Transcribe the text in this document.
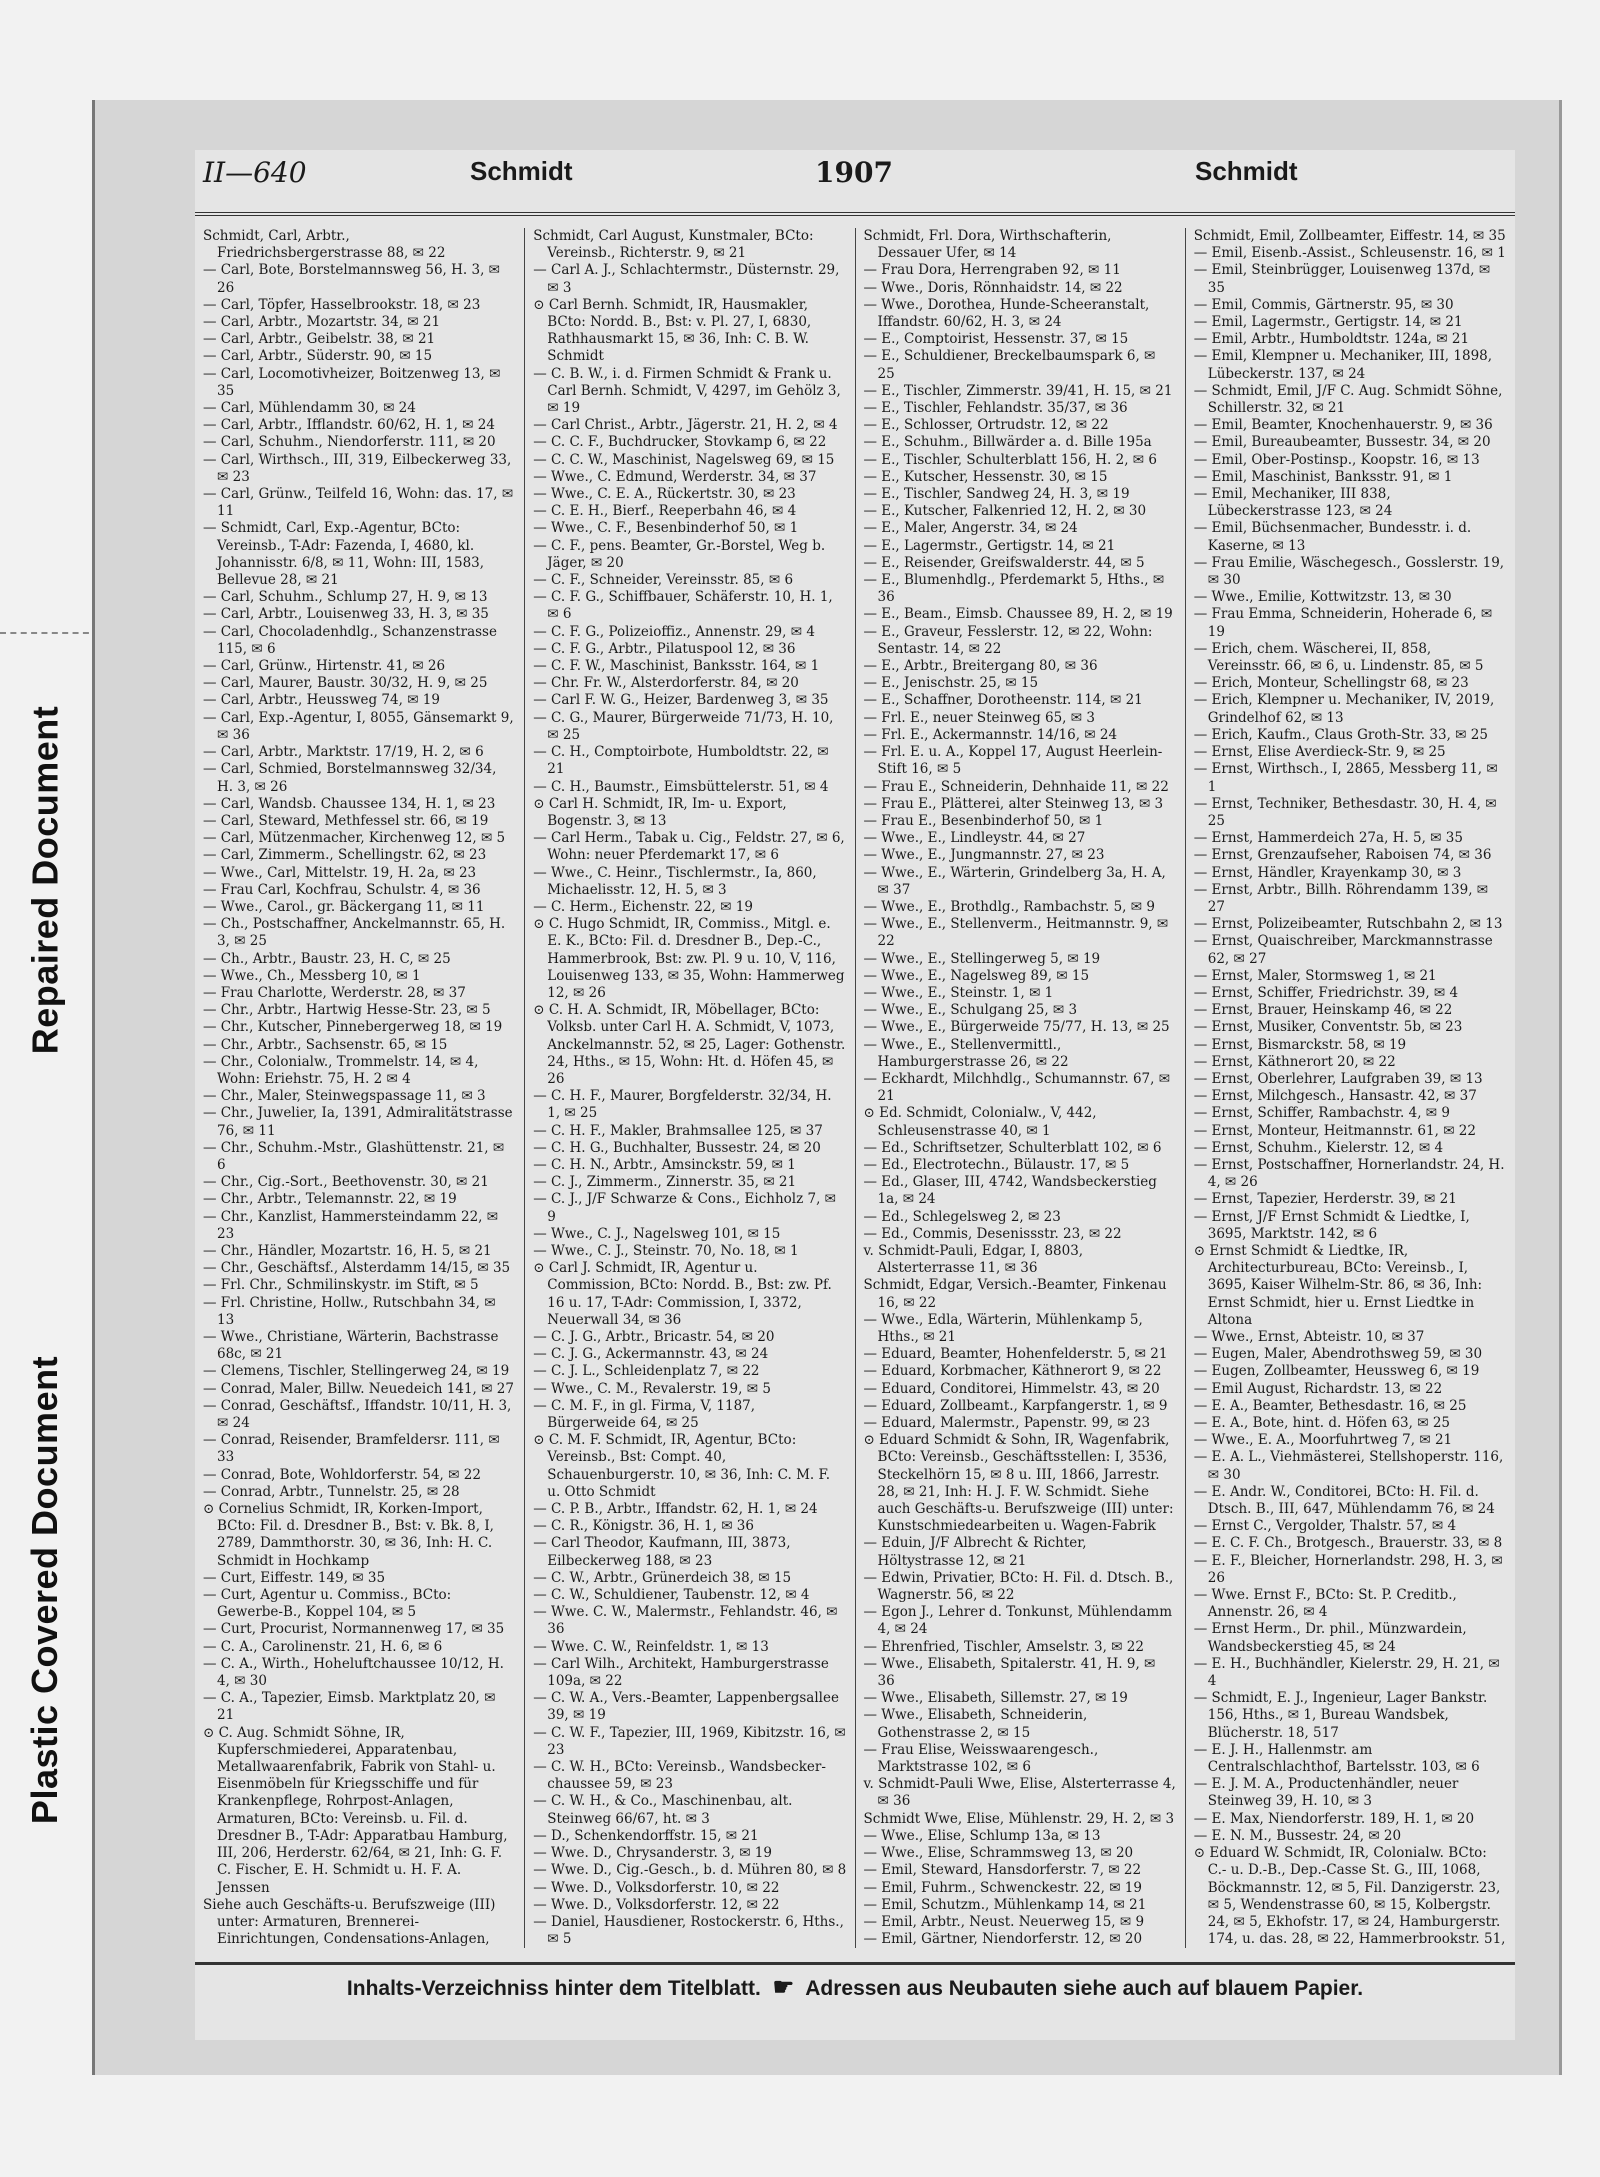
Repaired Document
Plastic Covered Document
II—640	Schmidt	1907	Schmidt

Schmidt, Carl, Arbtr., Friedrichsbergerstrasse 88, ✉ 22

— Carl, Bote, Borstelmannsweg 56, H. 3, ✉ 26

— Carl, Töpfer, Hasselbrookstr. 18, ✉ 23

— Carl, Arbtr., Mozartstr. 34, ✉ 21

— Carl, Arbtr., Geibelstr. 38, ✉ 21

— Carl, Arbtr., Süderstr. 90, ✉ 15

— Carl, Locomotivheizer, Boitzenweg 13, ✉ 35

— Carl, Mühlendamm 30, ✉ 24

— Carl, Arbtr., Ifflandstr. 60/62, H. 1, ✉ 24

— Carl, Schuhm., Niendorferstr. 111, ✉ 20

— Carl, Wirthsch., III, 319, Eilbeckerweg 33, ✉ 23

— Carl, Grünw., Teilfeld 16, Wohn: das. 17, ✉ 11

— Schmidt, Carl, Exp.-Agentur, BCto: Vereinsb., T-Adr: Fazenda, I, 4680, kl. Johannisstr. 6/8, ✉ 11, Wohn: III, 1583, Bellevue 28, ✉ 21

— Carl, Schuhm., Schlump 27, H. 9, ✉ 13

— Carl, Arbtr., Louisenweg 33, H. 3, ✉ 35

— Carl, Chocoladenhdlg., Schanzenstrasse 115, ✉ 6

— Carl, Grünw., Hirtenstr. 41, ✉ 26

— Carl, Maurer, Baustr. 30/32, H. 9, ✉ 25

— Carl, Arbtr., Heussweg 74, ✉ 19

— Carl, Exp.-Agentur, I, 8055, Gänsemarkt 9, ✉ 36

— Carl, Arbtr., Marktstr. 17/19, H. 2, ✉ 6

— Carl, Schmied, Borstelmannsweg 32/34, H. 3, ✉ 26

— Carl, Wandsb. Chaussee 134, H. 1, ✉ 23

— Carl, Steward, Methfessel str. 66, ✉ 19

— Carl, Mützenmacher, Kirchenweg 12, ✉ 5

— Carl, Zimmerm., Schellingstr. 62, ✉ 23

— Wwe., Carl, Mittelstr. 19, H. 2a, ✉ 23

— Frau Carl, Kochfrau, Schulstr. 4, ✉ 36

— Wwe., Carol., gr. Bäckergang 11, ✉ 11

— Ch., Postschaffner, Anckelmannstr. 65, H. 3, ✉ 25

— Ch., Arbtr., Baustr. 23, H. C, ✉ 25

— Wwe., Ch., Messberg 10, ✉ 1

— Frau Charlotte, Werderstr. 28, ✉ 37

— Chr., Arbtr., Hartwig Hesse-Str. 23, ✉ 5

— Chr., Kutscher, Pinnebergerweg 18, ✉ 19

— Chr., Arbtr., Sachsenstr. 65, ✉ 15

— Chr., Colonialw., Trommelstr. 14, ✉ 4, Wohn: Eriehstr. 75, H. 2 ✉ 4

— Chr., Maler, Steinwegspassage 11, ✉ 3

— Chr., Juwelier, Ia, 1391, Admiralitätstrasse 76, ✉ 11

— Chr., Schuhm.-Mstr., Glashüttenstr. 21, ✉ 6

— Chr., Cig.-Sort., Beethovenstr. 30, ✉ 21

— Chr., Arbtr., Telemannstr. 22, ✉ 19

— Chr., Kanzlist, Hammersteindamm 22, ✉ 23

— Chr., Händler, Mozartstr. 16, H. 5, ✉ 21

— Chr., Geschäftsf., Alsterdamm 14/15, ✉ 35

— Frl. Chr., Schmilinskystr. im Stift, ✉ 5

— Frl. Christine, Hollw., Rutschbahn 34, ✉ 13

— Wwe., Christiane, Wärterin, Bachstrasse 68c, ✉ 21

— Clemens, Tischler, Stellingerweg 24, ✉ 19

— Conrad, Maler, Billw. Neuedeich 141, ✉ 27

— Conrad, Geschäftsf., Iffandstr. 10/11, H. 3, ✉ 24

— Conrad, Reisender, Bramfeldersr. 111, ✉ 33

— Conrad, Bote, Wohldorferstr. 54, ✉ 22

— Conrad, Arbtr., Tunnelstr. 25, ✉ 28

⊙ Cornelius Schmidt, IR, Korken-Import, BCto: Fil. d. Dresdner B., Bst: v. Bk. 8, I, 2789, Dammthorstr. 30, ✉ 36, Inh: H. C. Schmidt in Hochkamp

— Curt, Eiffestr. 149, ✉ 35

— Curt, Agentur u. Commiss., BCto: Gewerbe-B., Koppel 104, ✉ 5

— Curt, Procurist, Normannenweg 17, ✉ 35

— C. A., Carolinenstr. 21, H. 6, ✉ 6

— C. A., Wirth., Hoheluftchaussee 10/12, H. 4, ✉ 30

— C. A., Tapezier, Eimsb. Marktplatz 20, ✉ 21

⊙ C. Aug. Schmidt Söhne, IR, Kupferschmiederei, Apparatenbau, Metallwaarenfabrik, Fabrik von Stahl- u. Eisenmöbeln für Kriegsschiffe und für Krankenpflege, Rohrpost-Anlagen, Armaturen, BCto: Vereinsb. u. Fil. d. Dresdner B., T-Adr: Apparatbau Hamburg, III, 206, Herderstr. 62/64, ✉ 21, Inh: G. F. C. Fischer, E. H. Schmidt u. H. F. A. Jenssen

Siehe auch Geschäfts-u. Berufszweige (III) unter: Armaturen, Brennerei-Einrichtungen, Condensations-Anlagen,

Schmidt, Carl August, Kunstmaler, BCto: Vereinsb., Richterstr. 9, ✉ 21

— Carl A. J., Schlachtermstr., Düsternstr. 29, ✉ 3

⊙ Carl Bernh. Schmidt, IR, Hausmakler, BCto: Nordd. B., Bst: v. Pl. 27, I, 6830, Rathhausmarkt 15, ✉ 36, Inh: C. B. W. Schmidt

— C. B. W., i. d. Firmen Schmidt & Frank u. Carl Bernh. Schmidt, V, 4297, im Gehölz 3, ✉ 19

— Carl Christ., Arbtr., Jägerstr. 21, H. 2, ✉ 4

— C. C. F., Buchdrucker, Stovkamp 6, ✉ 22

— C. C. W., Maschinist, Nagelsweg 69, ✉ 15

— Wwe., C. Edmund, Werderstr. 34, ✉ 37

— Wwe., C. E. A., Rückertstr. 30, ✉ 23

— C. E. H., Bierf., Reeperbahn 46, ✉ 4

— Wwe., C. F., Besenbinderhof 50, ✉ 1

— C. F., pens. Beamter, Gr.-Borstel, Weg b. Jäger, ✉ 20

— C. F., Schneider, Vereinsstr. 85, ✉ 6

— C. F. G., Schiffbauer, Schäferstr. 10, H. 1, ✉ 6

— C. F. G., Polizeioffiz., Annenstr. 29, ✉ 4

— C. F. G., Arbtr., Pilatuspool 12, ✉ 36

— C. F. W., Maschinist, Banksstr. 164, ✉ 1

— Chr. Fr. W., Alsterdorferstr. 84, ✉ 20

— Carl F. W. G., Heizer, Bardenweg 3, ✉ 35

— C. G., Maurer, Bürgerweide 71/73, H. 10, ✉ 25

— C. H., Comptoirbote, Humboldtstr. 22, ✉ 21

— C. H., Baumstr., Eimsbüttelerstr. 51, ✉ 4

⊙ Carl H. Schmidt, IR, Im- u. Export, Bogenstr. 3, ✉ 13

— Carl Herm., Tabak u. Cig., Feldstr. 27, ✉ 6, Wohn: neuer Pferdemarkt 17, ✉ 6

— Wwe., C. Heinr., Tischlermstr., Ia, 860, Michaelisstr. 12, H. 5, ✉ 3

— C. Herm., Eichenstr. 22, ✉ 19

⊙ C. Hugo Schmidt, IR, Commiss., Mitgl. e. E. K., BCto: Fil. d. Dresdner B., Dep.-C., Hammerbrook, Bst: zw. Pl. 9 u. 10, V, 116, Louisenweg 133, ✉ 35, Wohn: Hammerweg 12, ✉ 26

⊙ C. H. A. Schmidt, IR, Möbellager, BCto: Volksb. unter Carl H. A. Schmidt, V, 1073, Anckelmannstr. 52, ✉ 25, Lager: Gothenstr. 24, Hths., ✉ 15, Wohn: Ht. d. Höfen 45, ✉ 26

— C. H. F., Maurer, Borgfelderstr. 32/34, H. 1, ✉ 25

— C. H. F., Makler, Brahmsallee 125, ✉ 37

— C. H. G., Buchhalter, Bussestr. 24, ✉ 20

— C. H. N., Arbtr., Amsinckstr. 59, ✉ 1

— C. J., Zimmerm., Zinnerstr. 35, ✉ 21

— C. J., J/F Schwarze & Cons., Eichholz 7, ✉ 9

— Wwe., C. J., Nagelsweg 101, ✉ 15

— Wwe., C. J., Steinstr. 70, No. 18, ✉ 1

⊙ Carl J. Schmidt, IR, Agentur u. Commission, BCto: Nordd. B., Bst: zw. Pf. 16 u. 17, T-Adr: Commission, I, 3372, Neuerwall 34, ✉ 36

— C. J. G., Arbtr., Bricastr. 54, ✉ 20

— C. J. G., Ackermannstr. 43, ✉ 24

— C. J. L., Schleidenplatz 7, ✉ 22

— Wwe., C. M., Revalerstr. 19, ✉ 5

— C. M. F., in gl. Firma, V, 1187, Bürgerweide 64, ✉ 25

⊙ C. M. F. Schmidt, IR, Agentur, BCto: Vereinsb., Bst: Compt. 40, Schauenburgerstr. 10, ✉ 36, Inh: C. M. F. u. Otto Schmidt

— C. P. B., Arbtr., Iffandstr. 62, H. 1, ✉ 24

— C. R., Königstr. 36, H. 1, ✉ 36

— Carl Theodor, Kaufmann, III, 3873, Eilbeckerweg 188, ✉ 23

— C. W., Arbtr., Grünerdeich 38, ✉ 15

— C. W., Schuldiener, Taubenstr. 12, ✉ 4

— Wwe. C. W., Malermstr., Fehlandstr. 46, ✉ 36

— Wwe. C. W., Reinfeldstr. 1, ✉ 13

— Carl Wilh., Architekt, Hamburgerstrasse 109a, ✉ 22

— C. W. A., Vers.-Beamter, Lappenbergsallee 39, ✉ 19

— C. W. F., Tapezier, III, 1969, Kibitzstr. 16, ✉ 23

— C. W. H., BCto: Vereinsb., Wandsbecker-chaussee 59, ✉ 23

— C. W. H., & Co., Maschinenbau, alt. Steinweg 66/67, ht. ✉ 3

— D., Schenkendorffstr. 15, ✉ 21

— Wwe. D., Chrysanderstr. 3, ✉ 19

— Wwe. D., Cig.-Gesch., b. d. Mühren 80, ✉ 8

— Wwe. D., Volksdorferstr. 10, ✉ 22

— Wwe. D., Volksdorferstr. 12, ✉ 22

— Daniel, Hausdiener, Rostockerstr. 6, Hths., ✉ 5

Schmidt, Frl. Dora, Wirthschafterin, Dessauer Ufer, ✉ 14

— Frau Dora, Herrengraben 92, ✉ 11

— Wwe., Doris, Rönnhaidstr. 14, ✉ 22

— Wwe., Dorothea, Hunde-Scheeranstalt, Iffandstr. 60/62, H. 3, ✉ 24

— E., Comptoirist, Hessenstr. 37, ✉ 15

— E., Schuldiener, Breckelbaumspark 6, ✉ 25

— E., Tischler, Zimmerstr. 39/41, H. 15, ✉ 21

— E., Tischler, Fehlandstr. 35/37, ✉ 36

— E., Schlosser, Ortrudstr. 12, ✉ 22

— E., Schuhm., Billwärder a. d. Bille 195a

— E., Tischler, Schulterblatt 156, H. 2, ✉ 6

— E., Kutscher, Hessenstr. 30, ✉ 15

— E., Tischler, Sandweg 24, H. 3, ✉ 19

— E., Kutscher, Falkenried 12, H. 2, ✉ 30

— E., Maler, Angerstr. 34, ✉ 24

— E., Lagermstr., Gertigstr. 14, ✉ 21

— E., Reisender, Greifswalderstr. 44, ✉ 5

— E., Blumenhdlg., Pferdemarkt 5, Hths., ✉ 36

— E., Beam., Eimsb. Chaussee 89, H. 2, ✉ 19

— E., Graveur, Fesslerstr. 12, ✉ 22, Wohn: Sentastr. 14, ✉ 22

— E., Arbtr., Breitergang 80, ✉ 36

— E., Jenischstr. 25, ✉ 15

— E., Schaffner, Dorotheenstr. 114, ✉ 21

— Frl. E., neuer Steinweg 65, ✉ 3

— Frl. E., Ackermannstr. 14/16, ✉ 24

— Frl. E. u. A., Koppel 17, August Heerlein-Stift 16, ✉ 5

— Frau E., Schneiderin, Dehnhaide 11, ✉ 22

— Frau E., Plätterei, alter Steinweg 13, ✉ 3

— Frau E., Besenbinderhof 50, ✉ 1

— Wwe., E., Lindleystr. 44, ✉ 27

— Wwe., E., Jungmannstr. 27, ✉ 23

— Wwe., E., Wärterin, Grindelberg 3a, H. A, ✉ 37

— Wwe., E., Brothdlg., Rambachstr. 5, ✉ 9

— Wwe., E., Stellenverm., Heitmannstr. 9, ✉ 22

— Wwe., E., Stellingerweg 5, ✉ 19

— Wwe., E., Nagelsweg 89, ✉ 15

— Wwe., E., Steinstr. 1, ✉ 1

— Wwe., E., Schulgang 25, ✉ 3

— Wwe., E., Bürgerweide 75/77, H. 13, ✉ 25

— Wwe., E., Stellenvermittl., Hamburgerstrasse 26, ✉ 22

— Eckhardt, Milchhdlg., Schumannstr. 67, ✉ 21

⊙ Ed. Schmidt, Colonialw., V, 442, Schleusenstrasse 40, ✉ 1

— Ed., Schriftsetzer, Schulterblatt 102, ✉ 6

— Ed., Electrotechn., Bülaustr. 17, ✉ 5

— Ed., Glaser, III, 4742, Wandsbeckerstieg 1a, ✉ 24

— Ed., Schlegelsweg 2, ✉ 23

— Ed., Commis, Desenissstr. 23, ✉ 22

v. Schmidt-Pauli, Edgar, I, 8803, Alsterterrasse 11, ✉ 36

Schmidt, Edgar, Versich.-Beamter, Finkenau 16, ✉ 22

— Wwe., Edla, Wärterin, Mühlenkamp 5, Hths., ✉ 21

— Eduard, Beamter, Hohenfelderstr. 5, ✉ 21

— Eduard, Korbmacher, Käthnerort 9, ✉ 22

— Eduard, Conditorei, Himmelstr. 43, ✉ 20

— Eduard, Zollbeamt., Karpfangerstr. 1, ✉ 9

— Eduard, Malermstr., Papenstr. 99, ✉ 23

⊙ Eduard Schmidt & Sohn, IR, Wagenfabrik, BCto: Vereinsb., Geschäftsstellen: I, 3536, Steckelhörn 15, ✉ 8 u. III, 1866, Jarrestr. 28, ✉ 21, Inh: H. J. F. W. Schmidt. Siehe auch Geschäfts-u. Berufszweige (III) unter: Kunstschmiedearbeiten u. Wagen-Fabrik

— Eduin, J/F Albrecht & Richter, Höltystrasse 12, ✉ 21

— Edwin, Privatier, BCto: H. Fil. d. Dtsch. B., Wagnerstr. 56, ✉ 22

— Egon J., Lehrer d. Tonkunst, Mühlendamm 4, ✉ 24

— Ehrenfried, Tischler, Amselstr. 3, ✉ 22

— Wwe., Elisabeth, Spitalerstr. 41, H. 9, ✉ 36

— Wwe., Elisabeth, Sillemstr. 27, ✉ 19

— Wwe., Elisabeth, Schneiderin, Gothenstrasse 2, ✉ 15

— Frau Elise, Weisswaarengesch., Marktstrasse 102, ✉ 6

v. Schmidt-Pauli Wwe, Elise, Alsterterrasse 4, ✉ 36

Schmidt Wwe, Elise, Mühlenstr. 29, H. 2, ✉ 3

— Wwe., Elise, Schlump 13a, ✉ 13

— Wwe., Elise, Schrammsweg 13, ✉ 20

— Emil, Steward, Hansdorferstr. 7, ✉ 22

— Emil, Fuhrm., Schwenckestr. 22, ✉ 19

— Emil, Schutzm., Mühlenkamp 14, ✉ 21

— Emil, Arbtr., Neust. Neuerweg 15, ✉ 9

— Emil, Gärtner, Niendorferstr. 12, ✉ 20

Schmidt, Emil, Zollbeamter, Eiffestr. 14, ✉ 35

— Emil, Eisenb.-Assist., Schleusenstr. 16, ✉ 1

— Emil, Steinbrügger, Louisenweg 137d, ✉ 35

— Emil, Commis, Gärtnerstr. 95, ✉ 30

— Emil, Lagermstr., Gertigstr. 14, ✉ 21

— Emil, Arbtr., Humboldtstr. 124a, ✉ 21

— Emil, Klempner u. Mechaniker, III, 1898, Lübeckerstr. 137, ✉ 24

— Schmidt, Emil, J/F C. Aug. Schmidt Söhne, Schillerstr. 32, ✉ 21

— Emil, Beamter, Knochenhauerstr. 9, ✉ 36

— Emil, Bureaubeamter, Bussestr. 34, ✉ 20

— Emil, Ober-Postinsp., Koopstr. 16, ✉ 13

— Emil, Maschinist, Banksstr. 91, ✉ 1

— Emil, Mechaniker, III 838, Lübeckerstrasse 123, ✉ 24

— Emil, Büchsenmacher, Bundesstr. i. d. Kaserne, ✉ 13

— Frau Emilie, Wäschegesch., Gosslerstr. 19, ✉ 30

— Wwe., Emilie, Kottwitzstr. 13, ✉ 30

— Frau Emma, Schneiderin, Hoherade 6, ✉ 19

— Erich, chem. Wäscherei, II, 858, Vereinsstr. 66, ✉ 6, u. Lindenstr. 85, ✉ 5

— Erich, Monteur, Schellingstr 68, ✉ 23

— Erich, Klempner u. Mechaniker, IV, 2019, Grindelhof 62, ✉ 13

— Erich, Kaufm., Claus Groth-Str. 33, ✉ 25

— Ernst, Elise Averdieck-Str. 9, ✉ 25

— Ernst, Wirthsch., I, 2865, Messberg 11, ✉ 1

— Ernst, Techniker, Bethesdastr. 30, H. 4, ✉ 25

— Ernst, Hammerdeich 27a, H. 5, ✉ 35

— Ernst, Grenzaufseher, Raboisen 74, ✉ 36

— Ernst, Händler, Krayenkamp 30, ✉ 3

— Ernst, Arbtr., Billh. Röhrendamm 139, ✉ 27

— Ernst, Polizeibeamter, Rutschbahn 2, ✉ 13

— Ernst, Quaischreiber, Marckmannstrasse 62, ✉ 27

— Ernst, Maler, Stormsweg 1, ✉ 21

— Ernst, Schiffer, Friedrichstr. 39, ✉ 4

— Ernst, Brauer, Heinskamp 46, ✉ 22

— Ernst, Musiker, Conventstr. 5b, ✉ 23

— Ernst, Bismarckstr. 58, ✉ 19

— Ernst, Käthnerort 20, ✉ 22

— Ernst, Oberlehrer, Laufgraben 39, ✉ 13

— Ernst, Milchgesch., Hansastr. 42, ✉ 37

— Ernst, Schiffer, Rambachstr. 4, ✉ 9

— Ernst, Monteur, Heitmannstr. 61, ✉ 22

— Ernst, Schuhm., Kielerstr. 12, ✉ 4

— Ernst, Postschaffner, Hornerlandstr. 24, H. 4, ✉ 26

— Ernst, Tapezier, Herderstr. 39, ✉ 21

— Ernst, J/F Ernst Schmidt & Liedtke, I, 3695, Marktstr. 142, ✉ 6

⊙ Ernst Schmidt & Liedtke, IR, Architecturbureau, BCto: Vereinsb., I, 3695, Kaiser Wilhelm-Str. 86, ✉ 36, Inh: Ernst Schmidt, hier u. Ernst Liedtke in Altona

— Wwe., Ernst, Abteistr. 10, ✉ 37

— Eugen, Maler, Abendrothsweg 59, ✉ 30

— Eugen, Zollbeamter, Heussweg 6, ✉ 19

— Emil August, Richardstr. 13, ✉ 22

— E. A., Beamter, Bethesdastr. 16, ✉ 25

— E. A., Bote, hint. d. Höfen 63, ✉ 25

— Wwe., E. A., Moorfuhrtweg 7, ✉ 21

— E. A. L., Viehmästerei, Stellshoperstr. 116, ✉ 30

— E. Andr. W., Conditorei, BCto: H. Fil. d. Dtsch. B., III, 647, Mühlendamm 76, ✉ 24

— Ernst C., Vergolder, Thalstr. 57, ✉ 4

— E. C. F. Ch., Brotgesch., Brauerstr. 33, ✉ 8

— E. F., Bleicher, Hornerlandstr. 298, H. 3, ✉ 26

— Wwe. Ernst F., BCto: St. P. Creditb., Annenstr. 26, ✉ 4

— Ernst Herm., Dr. phil., Münzwardein, Wandsbeckerstieg 45, ✉ 24

— E. H., Buchhändler, Kielerstr. 29, H. 21, ✉ 4

— Schmidt, E. J., Ingenieur, Lager Bankstr. 156, Hths., ✉ 1, Bureau Wandsbek, Blücherstr. 18, 517

— E. J. H., Hallenmstr. am Centralschlachthof, Bartelsstr. 103, ✉ 6

— E. J. M. A., Productenhändler, neuer Steinweg 39, H. 10, ✉ 3

— E. Max, Niendorferstr. 189, H. 1, ✉ 20

— E. N. M., Bussestr. 24, ✉ 20

⊙ Eduard W. Schmidt, IR, Colonialw. BCto: C.- u. D.-B., Dep.-Casse St. G., III, 1068, Böckmannstr. 12, ✉ 5, Fil. Danzigerstr. 23, ✉ 5, Wendenstrasse 60, ✉ 15, Kolbergstr. 24, ✉ 5, Ekhofstr. 17, ✉ 24, Hamburgerstr. 174, u. das. 28, ✉ 22, Hammerbrookstr. 51,

Inhalts-Verzeichniss hinter dem Titelblatt. ☛ Adressen aus Neubauten siehe auch auf blauem Papier.
